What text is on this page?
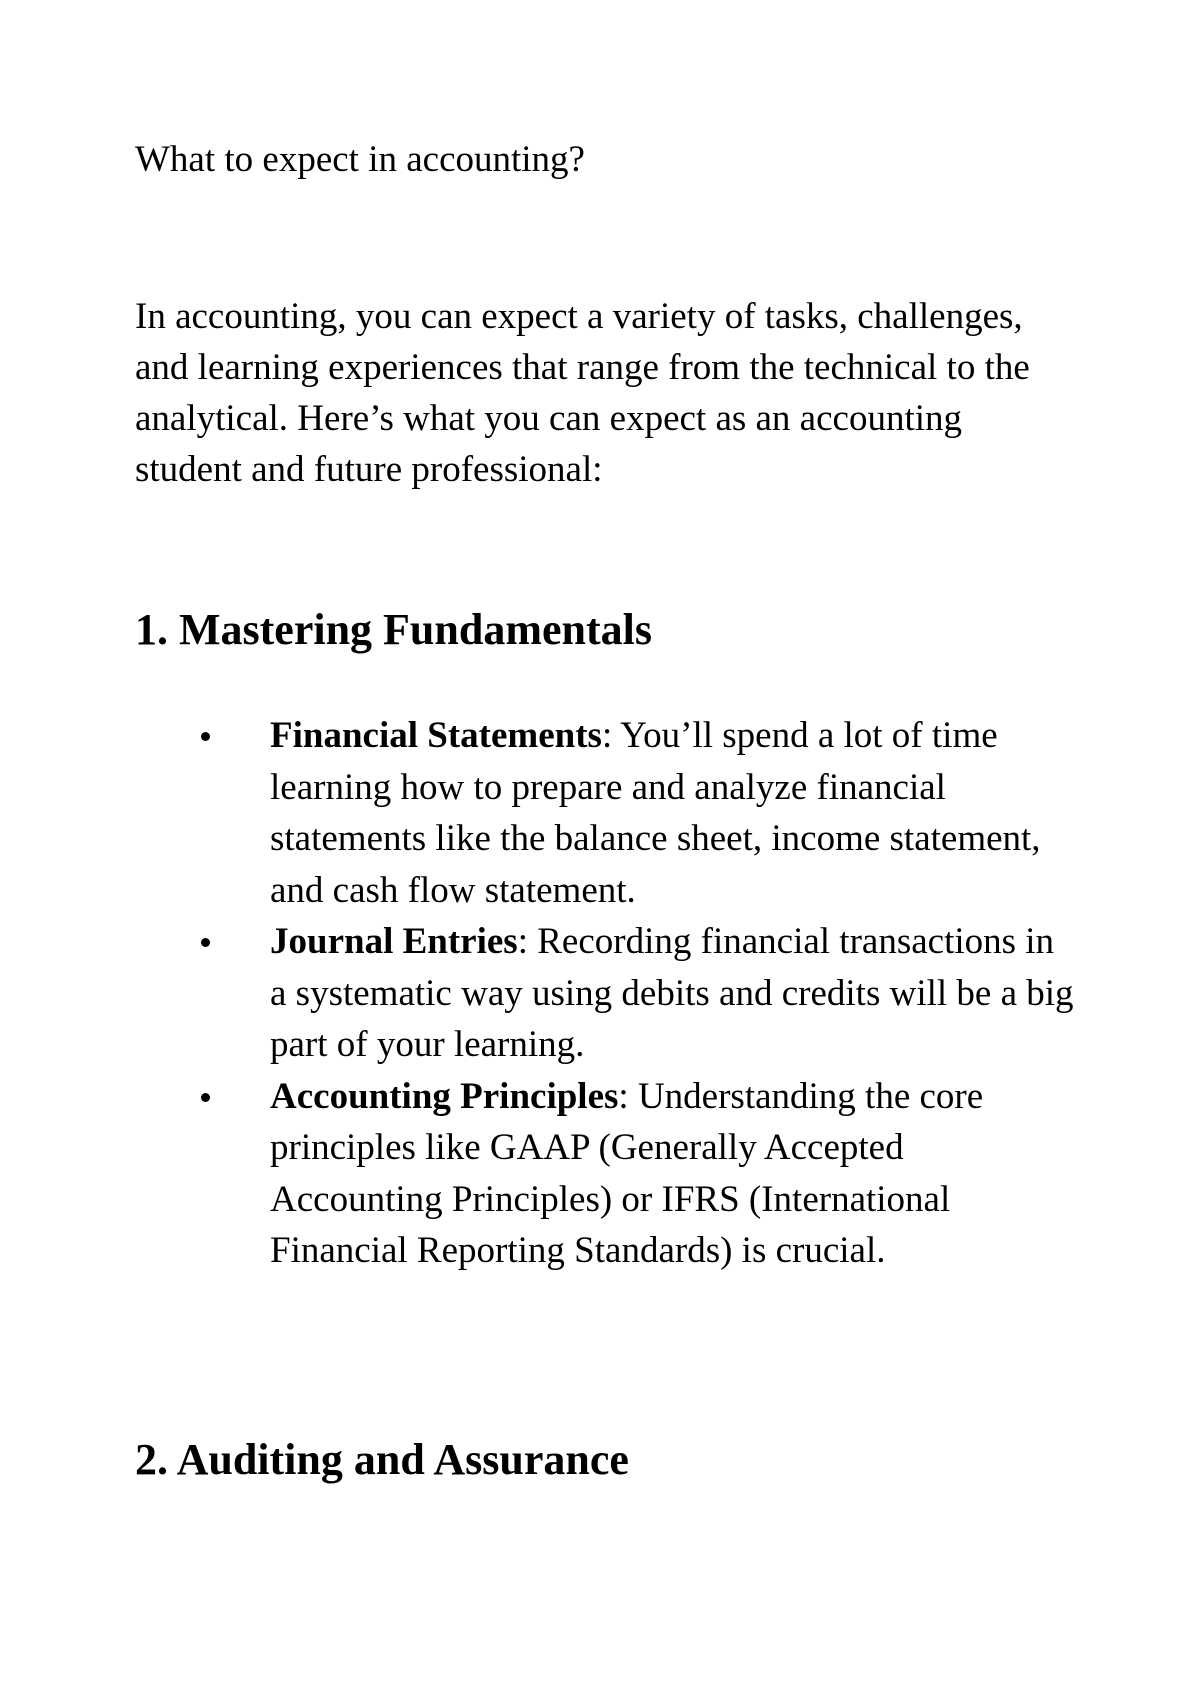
What to expect in accounting?

In accounting, you can expect a variety of tasks, challenges, and learning experiences that range from the technical to the analytical. Here’s what you can expect as an accounting student and future professional:

1. Mastering Fundamentals
Financial Statements: You’ll spend a lot of time learning how to prepare and analyze financial statements like the balance sheet, income statement, and cash flow statement.
Journal Entries: Recording financial transactions in a systematic way using debits and credits will be a big part of your learning.
Accounting Principles: Understanding the core principles like GAAP (Generally Accepted Accounting Principles) or IFRS (International Financial Reporting Standards) is crucial.
2. Auditing and Assurance
